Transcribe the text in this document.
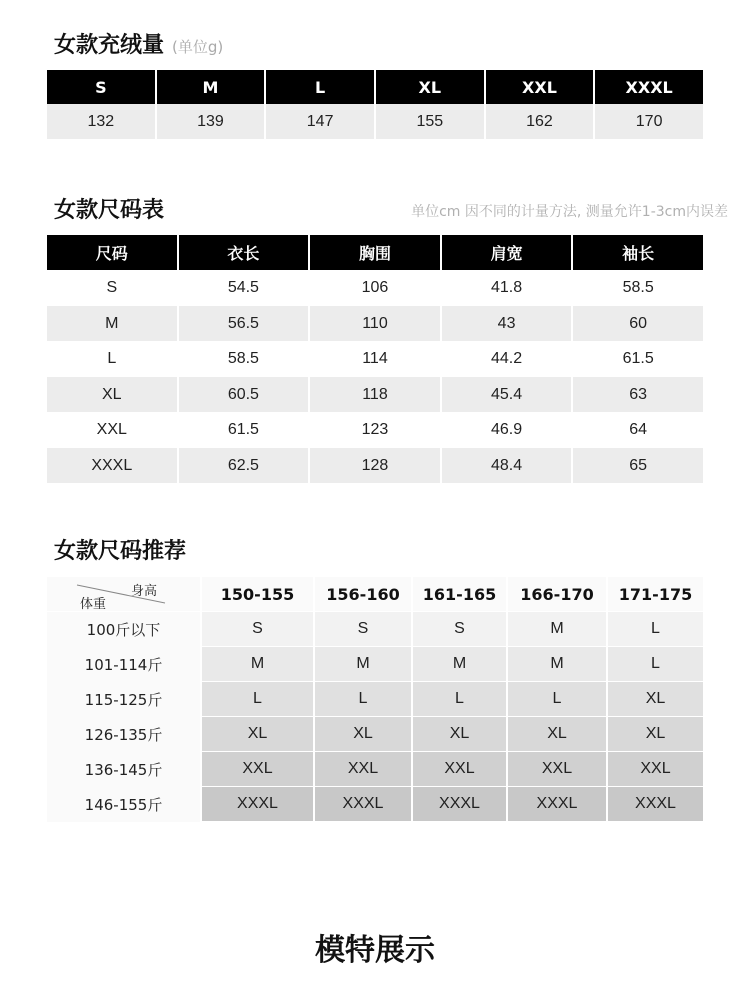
女款充绒量 (单位g)
S	M	L	XL	XXL	XXXL
132	139	147	155	162	170
女款尺码表	单位cm 因不同的计量方法, 测量允许1-3cm内误差
尺码	衣长	胸围	肩宽	袖长
S	54.5	106	41.8	58.5
M	56.5	110	43	60
L	58.5	114	44.2	61.5
XL	60.5	118	45.4	63
XXL	61.5	123	46.9	64
XXXL	62.5	128	48.4	65
女款尺码推荐
身高
体重
150-155	156-160	161-165	166-170	171-175
100斤以下	S	S	S	M	L
101-114斤	M	M	M	M	L
115-125斤	L	L	L	L	XL
126-135斤	XL	XL	XL	XL	XL
136-145斤	XXL	XXL	XXL	XXL	XXL
146-155斤	XXXL	XXXL	XXXL	XXXL	XXXL
模特展示
